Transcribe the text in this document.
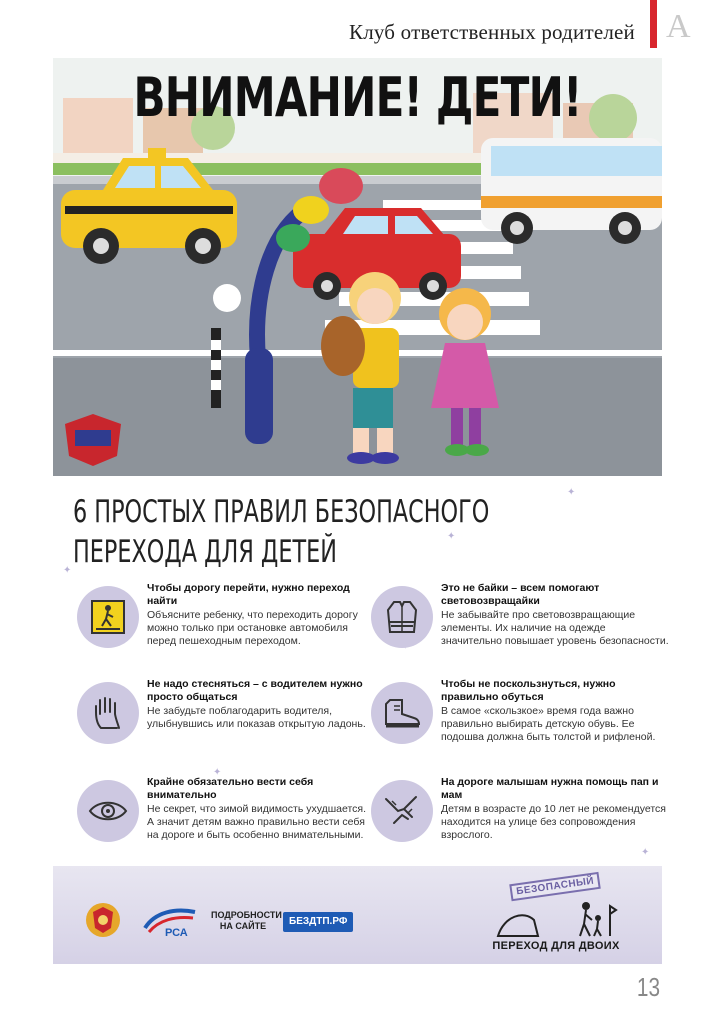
Клуб ответственных родителей А
ВНИМАНИЕ! ДЕТИ!
6 ПРОСТЫХ ПРАВИЛ БЕЗОПАСНОГО
ПЕРЕХОДА ДЛЯ ДЕТЕЙ
✦
✦
✦
✦
✦
Чтобы дорогу перейти, нужно переход найти
Объясните ребенку, что переходить дорогу можно только при остановке автомобиля перед пешеходным переходом.
Это не байки – всем помогают световозвращайки
Не забывайте про световозвращающие элементы. Их наличие на одежде значительно повышает уровень безопасности.
Не надо стесняться – с водителем нужно просто общаться
Не забудьте поблагодарить водителя, улыбнувшись или показав открытую ладонь.
Чтобы не поскользнуться, нужно правильно обуться
В самое «скользкое» время года важно правильно выбирать детскую обувь. Ее подошва должна быть толстой и рифленой.
Крайне обязательно вести себя внимательно
Не секрет, что зимой видимость ухудшается. А значит детям важно правильно вести себя на дороге и быть особенно внимательными.
На дороге малышам нужна помощь пап и мам
Детям в возрасте до 10 лет не рекомендуется находится на улице без сопровождения взрослого.
РСА
ПОДРОБНОСТИ НА САЙТЕ	БЕЗДТП.РФ
БЕЗОПАСНЫЙ
ПЕРЕХОД ДЛЯ ДВОИХ
13
